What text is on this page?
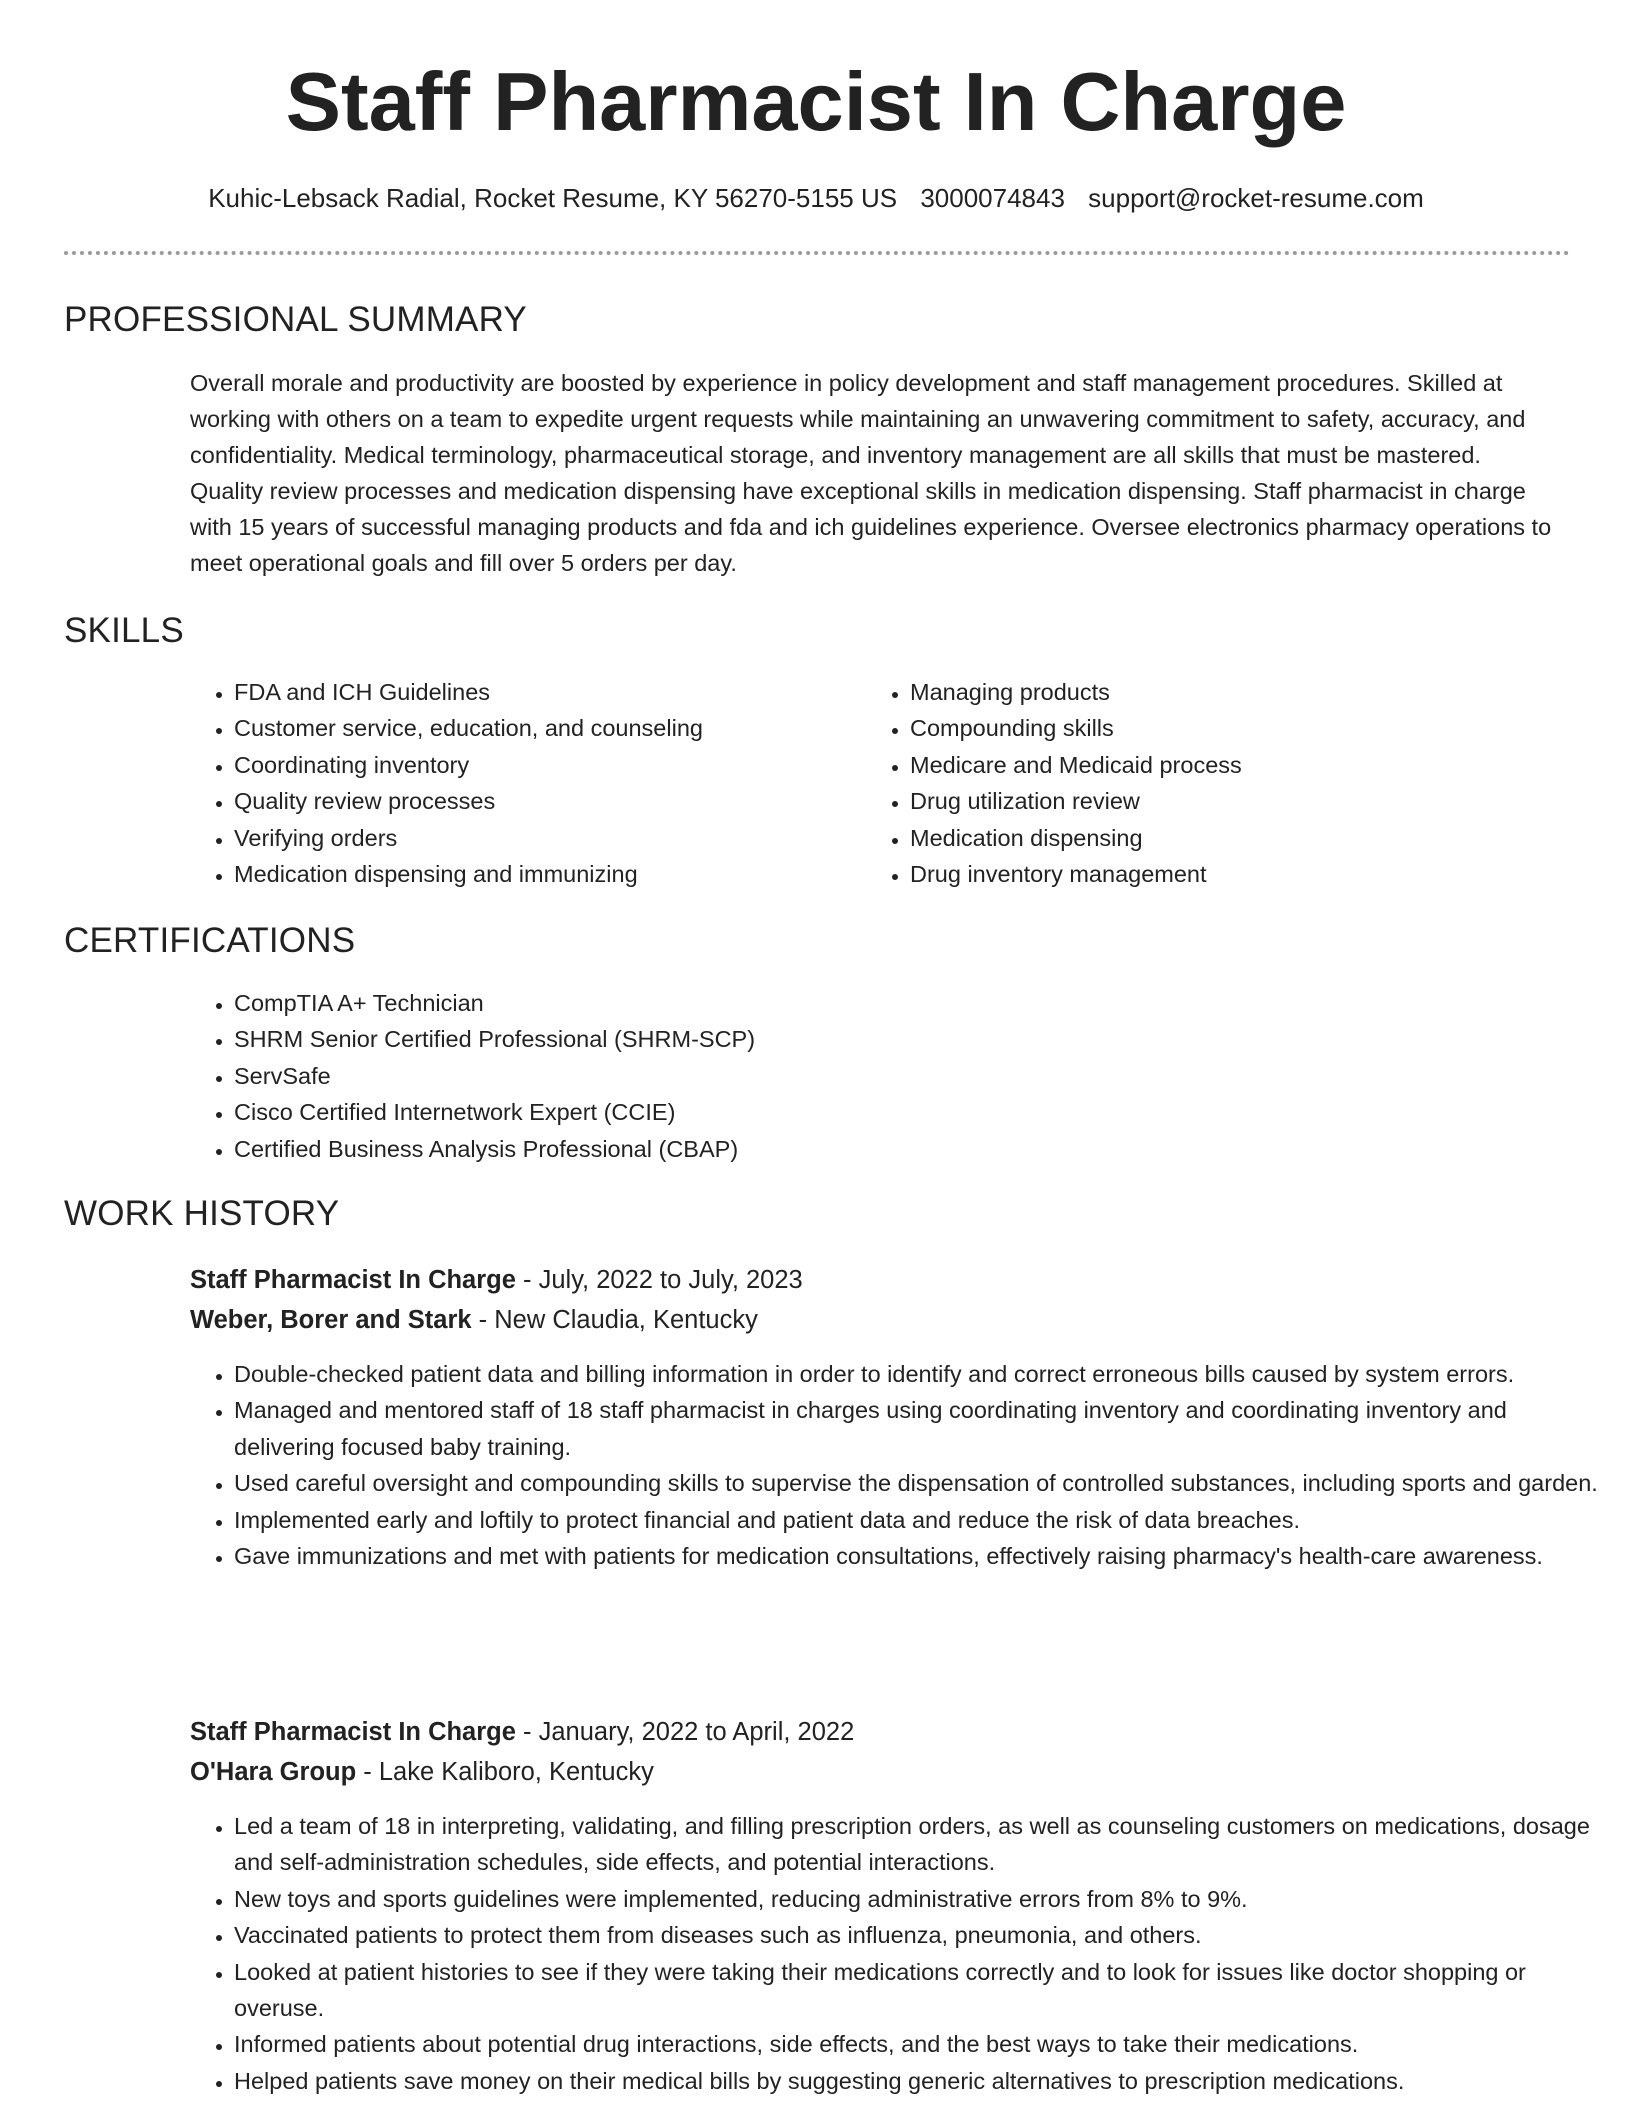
Staff Pharmacist In Charge
Kuhic-Lebsack Radial, Rocket Resume, KY 56270-5155 US 3000074843 support@rocket-resume.com
PROFESSIONAL SUMMARY

Overall morale and productivity are boosted by experience in policy development and staff management procedures. Skilled at working with others on a team to expedite urgent requests while maintaining an unwavering commitment to safety, accuracy, and confidentiality. Medical terminology, pharmaceutical storage, and inventory management are all skills that must be mastered. Quality review processes and medication dispensing have exceptional skills in medication dispensing. Staff pharmacist in charge with 15 years of successful managing products and fda and ich guidelines experience. Oversee electronics pharmacy operations to meet operational goals and fill over 5 orders per day.

SKILLS
• FDA and ICH Guidelines
• Customer service, education, and counseling
• Coordinating inventory
• Quality review processes
• Verifying orders
• Medication dispensing and immunizing
• Managing products
• Compounding skills
• Medicare and Medicaid process
• Drug utilization review
• Medication dispensing
• Drug inventory management
CERTIFICATIONS
• CompTIA A+ Technician
• SHRM Senior Certified Professional (SHRM-SCP)
• ServSafe
• Cisco Certified Internetwork Expert (CCIE)
• Certified Business Analysis Professional (CBAP)
WORK HISTORY
Staff Pharmacist In Charge - July, 2022 to July, 2023
Weber, Borer and Stark - New Claudia, Kentucky
• Double-checked patient data and billing information in order to identify and correct erroneous bills caused by system errors.
• Managed and mentored staff of 18 staff pharmacist in charges using coordinating inventory and coordinating inventory and delivering focused baby training.
• Used careful oversight and compounding skills to supervise the dispensation of controlled substances, including sports and garden.
• Implemented early and loftily to protect financial and patient data and reduce the risk of data breaches.
• Gave immunizations and met with patients for medication consultations, effectively raising pharmacy's health-care awareness.
Staff Pharmacist In Charge - January, 2022 to April, 2022
O'Hara Group - Lake Kaliboro, Kentucky
• Led a team of 18 in interpreting, validating, and filling prescription orders, as well as counseling customers on medications, dosage and self-administration schedules, side effects, and potential interactions.
• New toys and sports guidelines were implemented, reducing administrative errors from 8% to 9%.
• Vaccinated patients to protect them from diseases such as influenza, pneumonia, and others.
• Looked at patient histories to see if they were taking their medications correctly and to look for issues like doctor shopping or overuse.
• Informed patients about potential drug interactions, side effects, and the best ways to take their medications.
• Helped patients save money on their medical bills by suggesting generic alternatives to prescription medications.
